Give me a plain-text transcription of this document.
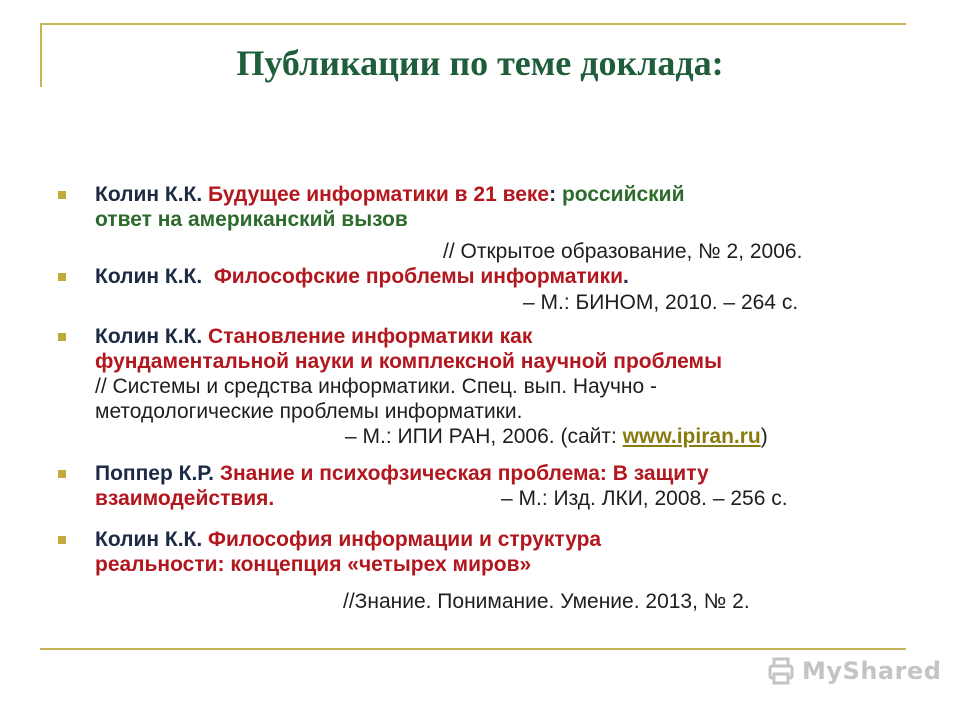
Публикации по теме доклада:

Колин К.К. Будущее информатики в 21 веке: российский

ответ на американский вызов

// Открытое образование, № 2, 2006.

Колин К.К. Философские проблемы информатики.

– М.: БИНОМ, 2010. – 264 с.

Колин К.К. Становление информатики как

фундаментальной науки и комплексной научной проблемы

// Системы и средства информатики. Спец. вып. Научно -

методологические проблемы информатики.

– М.: ИПИ РАН, 2006. (сайт: www.ipiran.ru)

Поппер К.Р. Знание и психофзическая проблема: В защиту

взаимодействия.	– М.: Изд. ЛКИ, 2008. – 256 с.

Колин К.К. Философия информации и структура

реальности: концепция «четырех миров»

//Знание. Понимание. Умение. 2013, № 2.

MyShared
